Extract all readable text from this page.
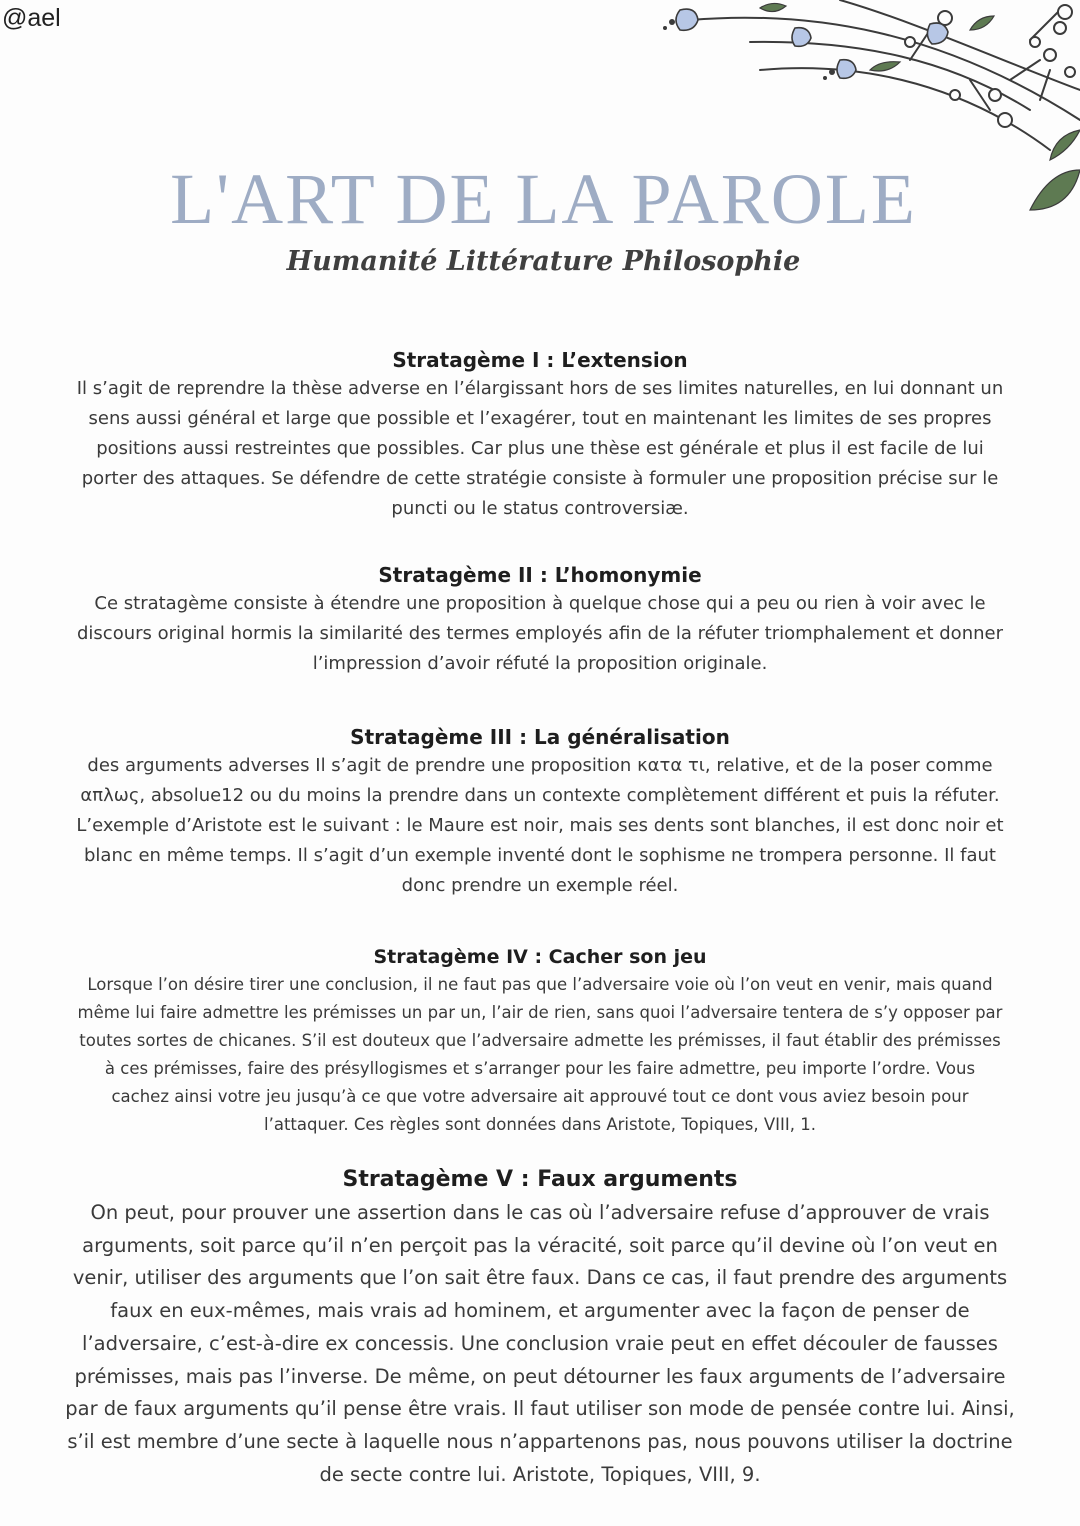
@ael
L'ART DE LA PAROLE
Humanité Littérature Philosophie
Stratagème I : L’extension

Il s’agit de reprendre la thèse adverse en l’élargissant hors de ses limites naturelles, en lui donnant un
sens aussi général et large que possible et l’exagérer, tout en maintenant les limites de ses propres
positions aussi restreintes que possibles. Car plus une thèse est générale et plus il est facile de lui
porter des attaques. Se défendre de cette stratégie consiste à formuler une proposition précise sur le
puncti ou le status controversiæ.

Stratagème II : L’homonymie

Ce stratagème consiste à étendre une proposition à quelque chose qui a peu ou rien à voir avec le
discours original hormis la similarité des termes employés afin de la réfuter triomphalement et donner
l’impression d’avoir réfuté la proposition originale.

Stratagème III : La généralisation

des arguments adverses Il s’agit de prendre une proposition κατα τι, relative, et de la poser comme
απλως, absolue12 ou du moins la prendre dans un contexte complètement différent et puis la réfuter.
L’exemple d’Aristote est le suivant : le Maure est noir, mais ses dents sont blanches, il est donc noir et
blanc en même temps. Il s’agit d’un exemple inventé dont le sophisme ne trompera personne. Il faut
donc prendre un exemple réel.

Stratagème IV : Cacher son jeu

Lorsque l’on désire tirer une conclusion, il ne faut pas que l’adversaire voie où l’on veut en venir, mais quand
même lui faire admettre les prémisses un par un, l’air de rien, sans quoi l’adversaire tentera de s’y opposer par
toutes sortes de chicanes. S’il est douteux que l’adversaire admette les prémisses, il faut établir des prémisses
à ces prémisses, faire des présyllogismes et s’arranger pour les faire admettre, peu importe l’ordre. Vous
cachez ainsi votre jeu jusqu’à ce que votre adversaire ait approuvé tout ce dont vous aviez besoin pour
l’attaquer. Ces règles sont données dans Aristote, Topiques, VIII, 1.

Stratagème V : Faux arguments

On peut, pour prouver une assertion dans le cas où l’adversaire refuse d’approuver de vrais
arguments, soit parce qu’il n’en perçoit pas la véracité, soit parce qu’il devine où l’on veut en
venir, utiliser des arguments que l’on sait être faux. Dans ce cas, il faut prendre des arguments
faux en eux-mêmes, mais vrais ad hominem, et argumenter avec la façon de penser de
l’adversaire, c’est-à-dire ex concessis. Une conclusion vraie peut en effet découler de fausses
prémisses, mais pas l’inverse. De même, on peut détourner les faux arguments de l’adversaire
par de faux arguments qu’il pense être vrais. Il faut utiliser son mode de pensée contre lui. Ainsi,
s’il est membre d’une secte à laquelle nous n’appartenons pas, nous pouvons utiliser la doctrine
de secte contre lui. Aristote, Topiques, VIII, 9.
